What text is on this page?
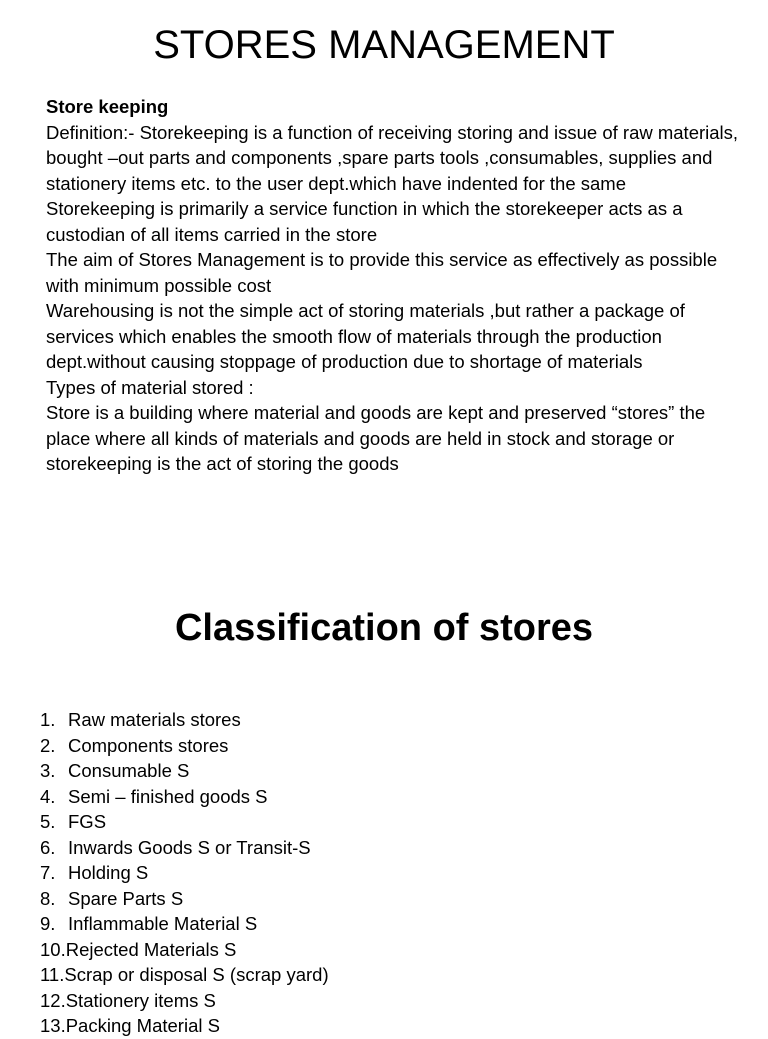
STORES MANAGEMENT

Store keeping

Definition:- Storekeeping is a function of receiving storing and issue of raw materials, bought –out parts and components ,spare parts tools ,consumables, supplies and stationery items etc. to the user dept.which have indented for the same

Storekeeping is primarily a service function in which the storekeeper acts as a custodian of all items carried in the store

The aim of Stores Management is to provide this service as effectively as possible with minimum possible cost

Warehousing is not the simple act of storing materials ,but rather a package of services which enables the smooth flow of materials through the production dept.without causing stoppage of production due to shortage of materials

Types of material stored :

Store is a building where material and goods are kept and preserved “stores” the place where all kinds of materials and goods are held in stock and storage or storekeeping is the act of storing the goods

Classification of stores
1. Raw materials stores
2. Components stores
3. Consumable S
4. Semi – finished goods S
5. FGS
6. Inwards Goods S or Transit-S
7. Holding S
8. Spare Parts S
9. Inflammable Material S
10. Rejected Materials S
11. Scrap or disposal S (scrap yard)
12. Stationery items S
13. Packing Material S
